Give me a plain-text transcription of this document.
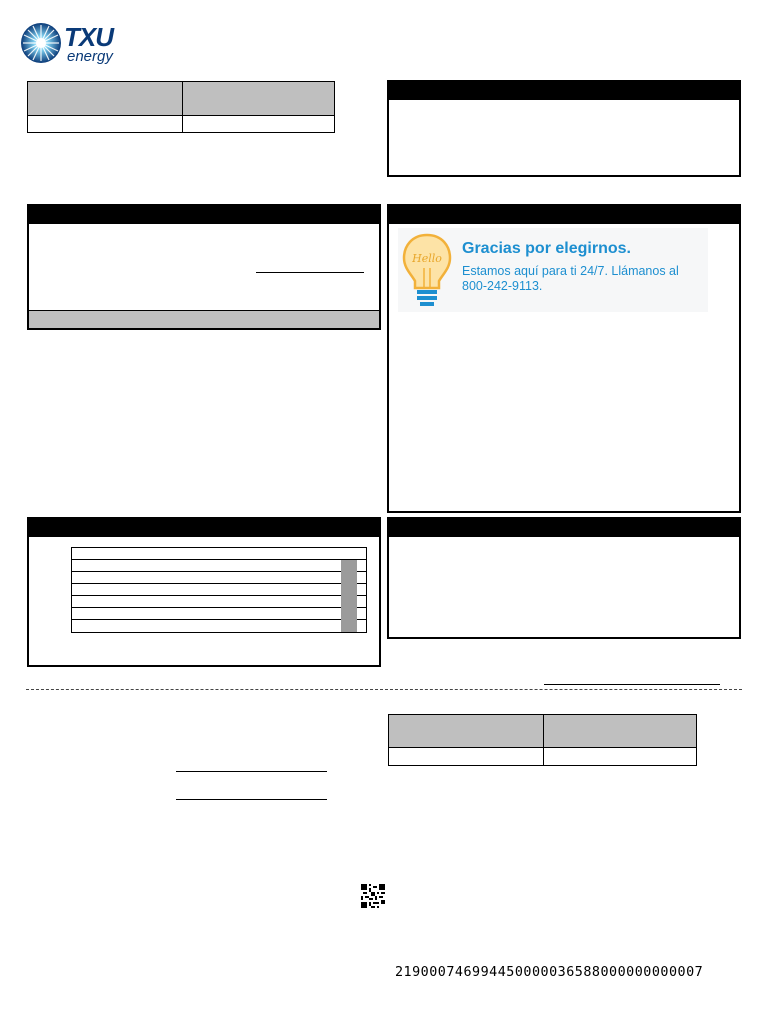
TXU
energy
Hello
Gracias por elegirnos.
Estamos aquí para ti 24/7. Llámanos al 800-242-9113.
219000746994450000036588000000000007
